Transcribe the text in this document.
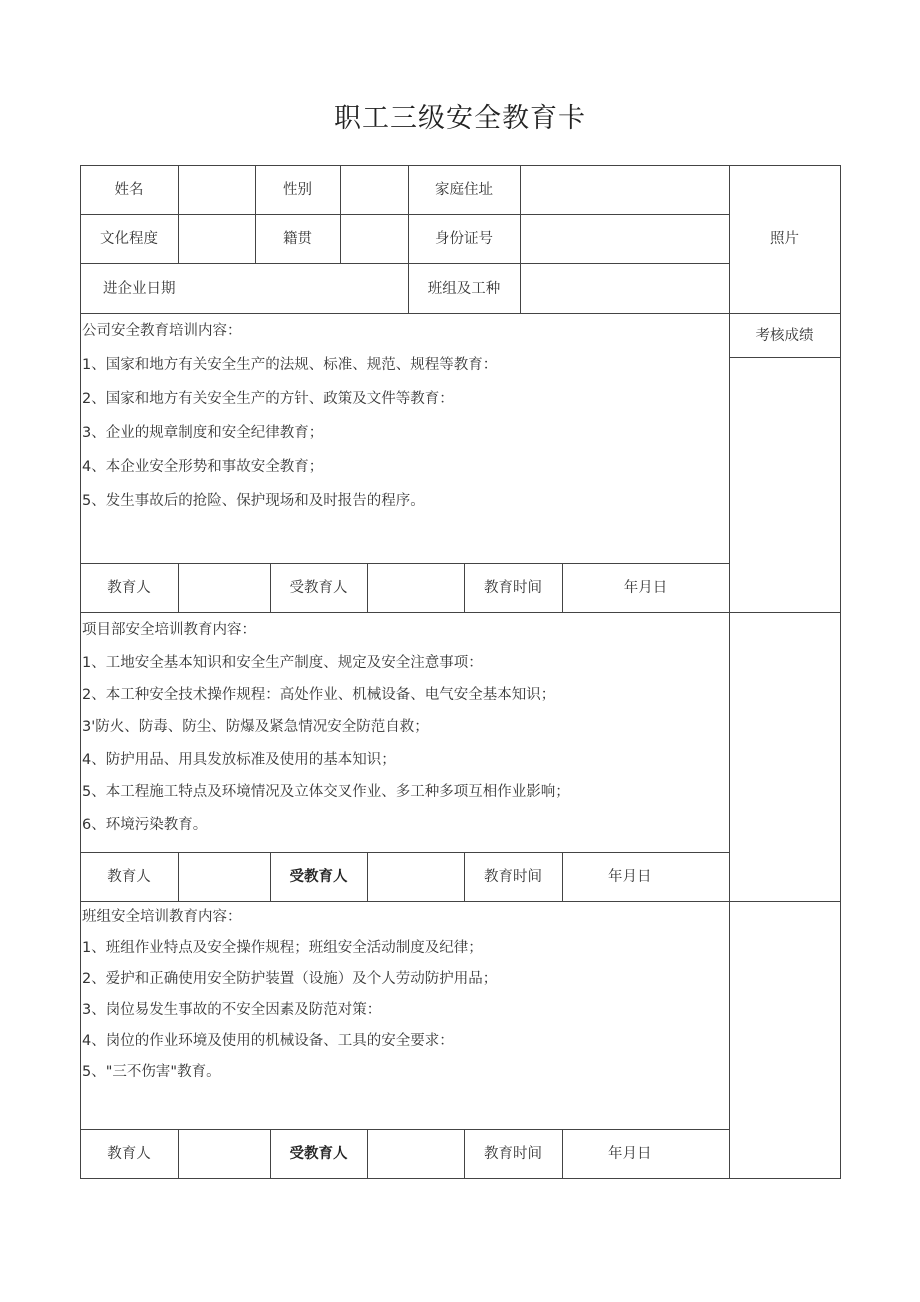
职工三级安全教育卡
姓名	性别	家庭住址
文化程度	籍贯	身份证号
进企业日期	班组及工种
照片
考核成绩
公司安全教育培训内容：
1、国家和地方有关安全生产的法规、标准、规范、规程等教育：
2、国家和地方有关安全生产的方针、政策及文件等教育：
3、企业的规章制度和安全纪律教育；
4、本企业安全形势和事故安全教育；
5、发生事故后的抢险、保护现场和及时报告的程序。
教育人	受教育人	教育时间	年月日
项目部安全培训教育内容：
1、工地安全基本知识和安全生产制度、规定及安全注意事项：
2、本工种安全技术操作规程：高处作业、机械设备、电气安全基本知识；
3'防火、防毒、防尘、防爆及紧急情况安全防范自救；
4、防护用品、用具发放标准及使用的基本知识；
5、本工程施工特点及环境情况及立体交叉作业、多工种多项互相作业影响；
6、环境污染教育。
教育人	受教育人	教育时间	年月日
班组安全培训教育内容：
1、班组作业特点及安全操作规程；班组安全活动制度及纪律；
2、爱护和正确使用安全防护装置（设施）及个人劳动防护用品；
3、岗位易发生事故的不安全因素及防范对策：
4、岗位的作业环境及使用的机械设备、工具的安全要求：
5、"三不伤害"教育。
教育人	受教育人	教育时间	年月日
